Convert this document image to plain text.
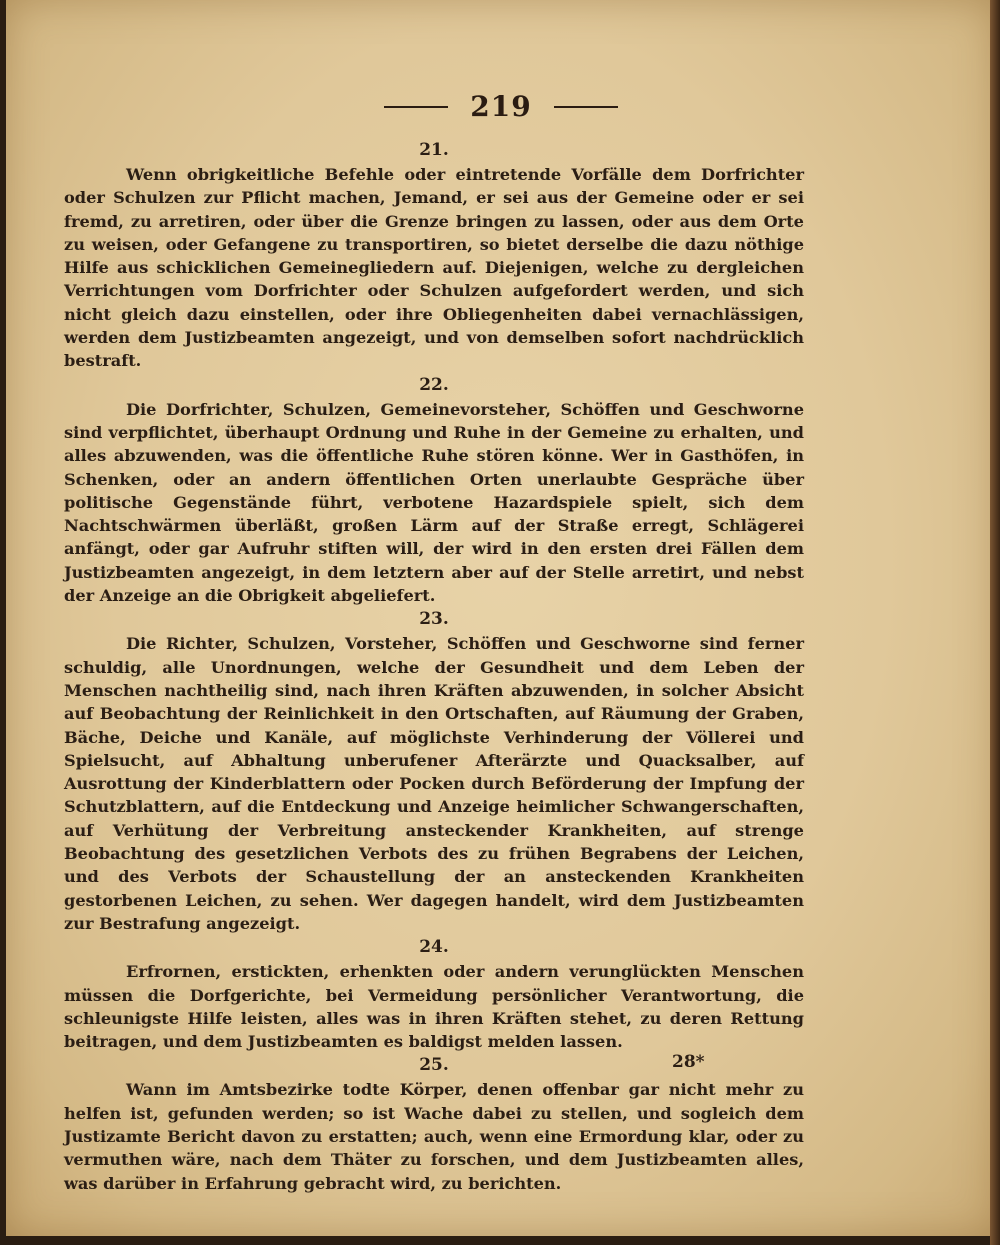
219

21.

Wenn obrigkeitliche Befehle oder eintretende Vorfälle dem Dorfrichter oder Schulzen zur Pflicht machen, Jemand, er sei aus der Gemeine oder er sei fremd, zu arretiren, oder über die Grenze bringen zu lassen, oder aus dem Orte zu weisen, oder Gefangene zu transportiren, so bietet derselbe die dazu nöthige Hilfe aus schicklichen Gemeinegliedern auf. Diejenigen, welche zu dergleichen Verrichtungen vom Dorfrichter oder Schulzen aufgefordert werden, und sich nicht gleich dazu einstellen, oder ihre Obliegenheiten dabei vernachlässigen, werden dem Justizbeamten angezeigt, und von demselben sofort nachdrücklich bestraft.

22.

Die Dorfrichter, Schulzen, Gemeinevorsteher, Schöffen und Geschworne sind verpflichtet, überhaupt Ordnung und Ruhe in der Gemeine zu erhalten, und alles abzuwenden, was die öffentliche Ruhe stören könne. Wer in Gasthöfen, in Schenken, oder an andern öffentlichen Orten unerlaubte Gespräche über politische Gegenstände führt, verbotene Hazardspiele spielt, sich dem Nachtschwärmen überläßt, großen Lärm auf der Straße erregt, Schlägerei anfängt, oder gar Aufruhr stiften will, der wird in den ersten drei Fällen dem Justizbeamten angezeigt, in dem letztern aber auf der Stelle arretirt, und nebst der Anzeige an die Obrigkeit abgeliefert.

23.

Die Richter, Schulzen, Vorsteher, Schöffen und Geschworne sind ferner schuldig, alle Unordnungen, welche der Gesundheit und dem Leben der Menschen nachtheilig sind, nach ihren Kräften abzuwenden, in solcher Absicht auf Beobachtung der Reinlichkeit in den Ortschaften, auf Räumung der Graben, Bäche, Deiche und Kanäle, auf möglichste Verhinderung der Völlerei und Spielsucht, auf Abhaltung unberufener Afterärzte und Quacksalber, auf Ausrottung der Kinderblattern oder Pocken durch Beförderung der Impfung der Schutzblattern, auf die Entdeckung und Anzeige heimlicher Schwangerschaften, auf Verhütung der Verbreitung ansteckender Krankheiten, auf strenge Beobachtung des gesetzlichen Verbots des zu frühen Begrabens der Leichen, und des Verbots der Schaustellung der an ansteckenden Krankheiten gestorbenen Leichen, zu sehen. Wer dagegen handelt, wird dem Justizbeamten zur Bestrafung angezeigt.

24.

Erfrornen, erstickten, erhenkten oder andern verunglückten Menschen müssen die Dorfgerichte, bei Vermeidung persönlicher Verantwortung, die schleunigste Hilfe leisten, alles was in ihren Kräften stehet, zu deren Rettung beitragen, und dem Justizbeamten es baldigst melden lassen.

25.

Wann im Amtsbezirke todte Körper, denen offenbar gar nicht mehr zu helfen ist, gefunden werden; so ist Wache dabei zu stellen, und sogleich dem Justizamte Bericht davon zu erstatten; auch, wenn eine Ermordung klar, oder zu vermuthen wäre, nach dem Thäter zu forschen, und dem Justizbeamten alles, was darüber in Erfahrung gebracht wird, zu berichten.

28*
